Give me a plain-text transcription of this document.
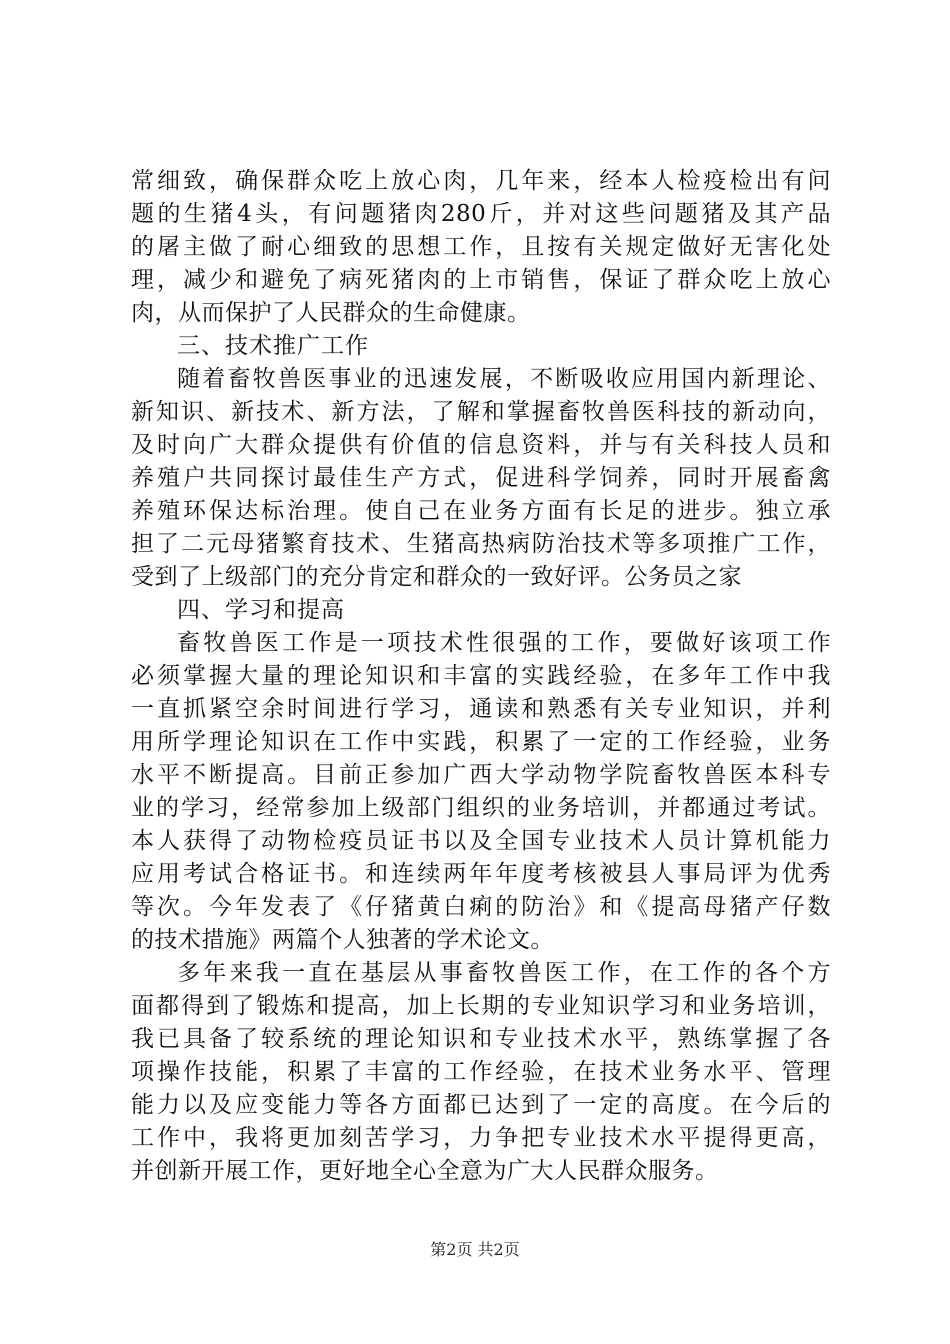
常细致，确保群众吃上放心肉，几年来，经本人检疫检出有问
题的生猪4头，有问题猪肉280斤，并对这些问题猪及其产品
的屠主做了耐心细致的思想工作，且按有关规定做好无害化处
理，减少和避免了病死猪肉的上市销售，保证了群众吃上放心
肉，从而保护了人民群众的生命健康。
三、技术推广工作
随着畜牧兽医事业的迅速发展，不断吸收应用国内新理论、
新知识、新技术、新方法，了解和掌握畜牧兽医科技的新动向，
及时向广大群众提供有价值的信息资料，并与有关科技人员和
养殖户共同探讨最佳生产方式，促进科学饲养，同时开展畜禽
养殖环保达标治理。使自己在业务方面有长足的进步。独立承
担了二元母猪繁育技术、生猪高热病防治技术等多项推广工作，
受到了上级部门的充分肯定和群众的一致好评。公务员之家
四、学习和提高
畜牧兽医工作是一项技术性很强的工作，要做好该项工作
必须掌握大量的理论知识和丰富的实践经验，在多年工作中我
一直抓紧空余时间进行学习，通读和熟悉有关专业知识，并利
用所学理论知识在工作中实践，积累了一定的工作经验，业务
水平不断提高。目前正参加广西大学动物学院畜牧兽医本科专
业的学习，经常参加上级部门组织的业务培训，并都通过考试。
本人获得了动物检疫员证书以及全国专业技术人员计算机能力
应用考试合格证书。和连续两年年度考核被县人事局评为优秀
等次。今年发表了《仔猪黄白痢的防治》和《提高母猪产仔数
的技术措施》两篇个人独著的学术论文。
多年来我一直在基层从事畜牧兽医工作，在工作的各个方
面都得到了锻炼和提高，加上长期的专业知识学习和业务培训，
我已具备了较系统的理论知识和专业技术水平，熟练掌握了各
项操作技能，积累了丰富的工作经验，在技术业务水平、管理
能力以及应变能力等各方面都已达到了一定的高度。在今后的
工作中，我将更加刻苦学习，力争把专业技术水平提得更高，
并创新开展工作，更好地全心全意为广大人民群众服务。
第2页 共2页
